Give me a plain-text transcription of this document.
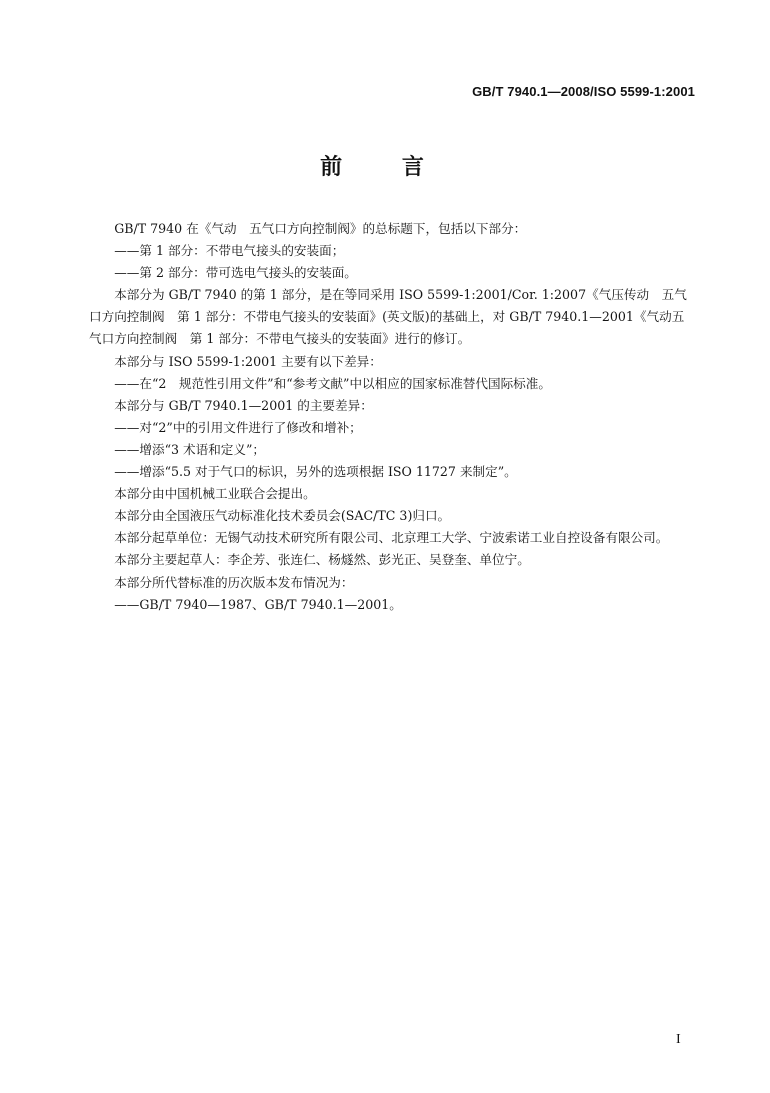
GB/T 7940.1—2008/ISO 5599-1:2001
前 言

GB/T 7940 在《气动　五气口方向控制阀》的总标题下，包括以下部分：

——第 1 部分：不带电气接头的安装面；

——第 2 部分：带可选电气接头的安装面。

本部分为 GB/T 7940 的第 1 部分，是在等同采用 ISO 5599-1:2001/Cor. 1:2007《气压传动　五气口方向控制阀　第 1 部分：不带电气接头的安装面》(英文版)的基础上，对 GB/T 7940.1—2001《气动五气口方向控制阀　第 1 部分：不带电气接头的安装面》进行的修订。

本部分与 ISO 5599-1:2001 主要有以下差异：

——在“2　规范性引用文件”和“参考文献”中以相应的国家标准替代国际标准。

本部分与 GB/T 7940.1—2001 的主要差异：

——对“2”中的引用文件进行了修改和增补；

——增添“3 术语和定义”；

——增添“5.5 对于气口的标识，另外的选项根据 ISO 11727 来制定”。

本部分由中国机械工业联合会提出。

本部分由全国液压气动标准化技术委员会(SAC/TC 3)归口。

本部分起草单位：无锡气动技术研究所有限公司、北京理工大学、宁波索诺工业自控设备有限公司。

本部分主要起草人：李企芳、张连仁、杨燧然、彭光正、吴登奎、单位宁。

本部分所代替标准的历次版本发布情况为：

——GB/T 7940—1987、GB/T 7940.1—2001。

I
